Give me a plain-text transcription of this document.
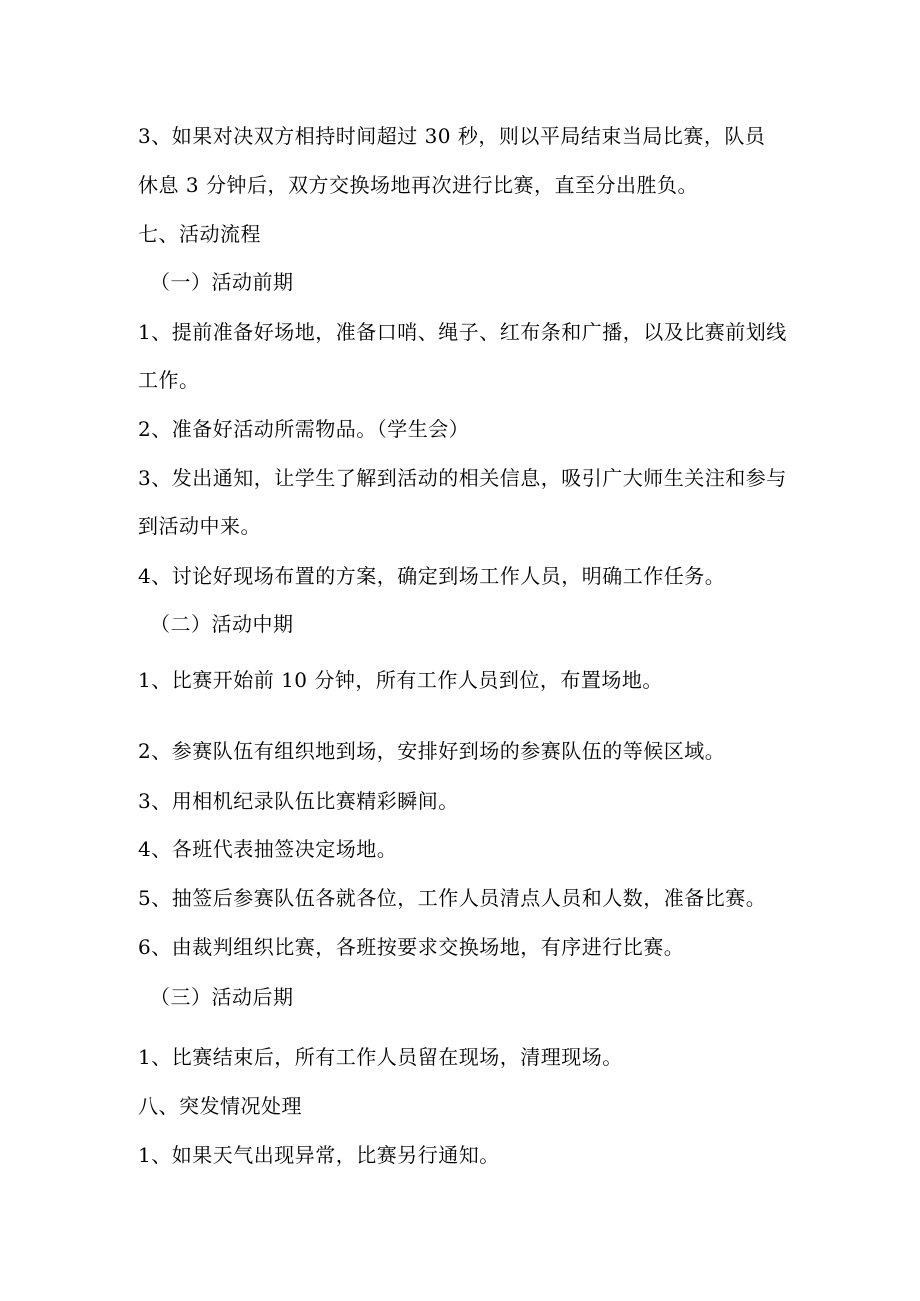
3、如果对决双方相持时间超过 30 秒，则以平局结束当局比赛，队员
休息 3 分钟后，双方交换场地再次进行比赛，直至分出胜负。
七、活动流程
（一）活动前期
1、提前准备好场地，准备口哨、绳子、红布条和广播，以及比赛前划线
工作。
2、准备好活动所需物品。（学生会）
3、发出通知，让学生了解到活动的相关信息，吸引广大师生关注和参与
到活动中来。
4、讨论好现场布置的方案，确定到场工作人员，明确工作任务。
（二）活动中期
1、比赛开始前 10 分钟，所有工作人员到位，布置场地。
2、参赛队伍有组织地到场，安排好到场的参赛队伍的等候区域。
3、用相机纪录队伍比赛精彩瞬间。
4、各班代表抽签决定场地。
5、抽签后参赛队伍各就各位，工作人员清点人员和人数，准备比赛。
6、由裁判组织比赛，各班按要求交换场地，有序进行比赛。
（三）活动后期
1、比赛结束后，所有工作人员留在现场，清理现场。
八、突发情况处理
1、如果天气出现异常，比赛另行通知。
